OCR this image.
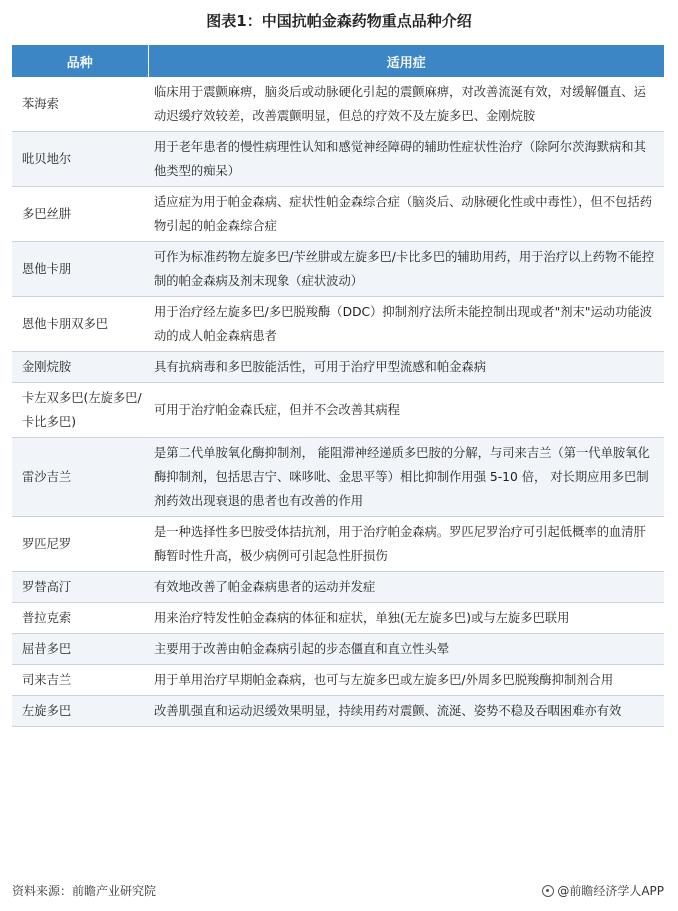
图表1：中国抗帕金森药物重点品种介绍
品种	适用症
苯海索	临床用于震颤麻痹，脑炎后或动脉硬化引起的震颤麻痹，对改善流涎有效，对缓解僵直、运动迟缓疗效较差，改善震颤明显，但总的疗效不及左旋多巴、金刚烷胺
吡贝地尔	用于老年患者的慢性病理性认知和感觉神经障碍的辅助性症状性治疗（除阿尔茨海默病和其他类型的痴呆）
多巴丝肼	适应症为用于帕金森病、症状性帕金森综合症（脑炎后、动脉硬化性或中毒性），但不包括药物引起的帕金森综合症
恩他卡朋	可作为标准药物左旋多巴/苄丝肼或左旋多巴/卡比多巴的辅助用药，用于治疗以上药物不能控制的帕金森病及剂末现象（症状波动）
恩他卡朋双多巴	用于治疗经左旋多巴/多巴脱羧酶（DDC）抑制剂疗法所未能控制出现或者"剂末"运动功能波动的成人帕金森病患者
金刚烷胺	具有抗病毒和多巴胺能活性，可用于治疗甲型流感和帕金森病
卡左双多巴(左旋多巴/卡比多巴)	可用于治疗帕金森氏症，但并不会改善其病程
雷沙吉兰	是第二代单胺氧化酶抑制剂， 能阻滞神经递质多巴胺的分解，与司来吉兰（第一代单胺氧化酶抑制剂，包括思吉宁、咪哆吡、金思平等）相比抑制作用强 5-10 倍， 对长期应用多巴制剂药效出现衰退的患者也有改善的作用
罗匹尼罗	是一种选择性多巴胺受体拮抗剂，用于治疗帕金森病。罗匹尼罗治疗可引起低概率的血清肝酶暂时性升高，极少病例可引起急性肝损伤
罗替高汀	有效地改善了帕金森病患者的运动并发症
普拉克索	用来治疗特发性帕金森病的体征和症状，单独(无左旋多巴)或与左旋多巴联用
屈昔多巴	主要用于改善由帕金森病引起的步态僵直和直立性头晕
司来吉兰	用于单用治疗早期帕金森病，也可与左旋多巴或左旋多巴/外周多巴脱羧酶抑制剂合用
左旋多巴	改善肌强直和运动迟缓效果明显，持续用药对震颤、流涎、姿势不稳及吞咽困难亦有效
资料来源：前瞻产业研究院	@前瞻经济学人APP
